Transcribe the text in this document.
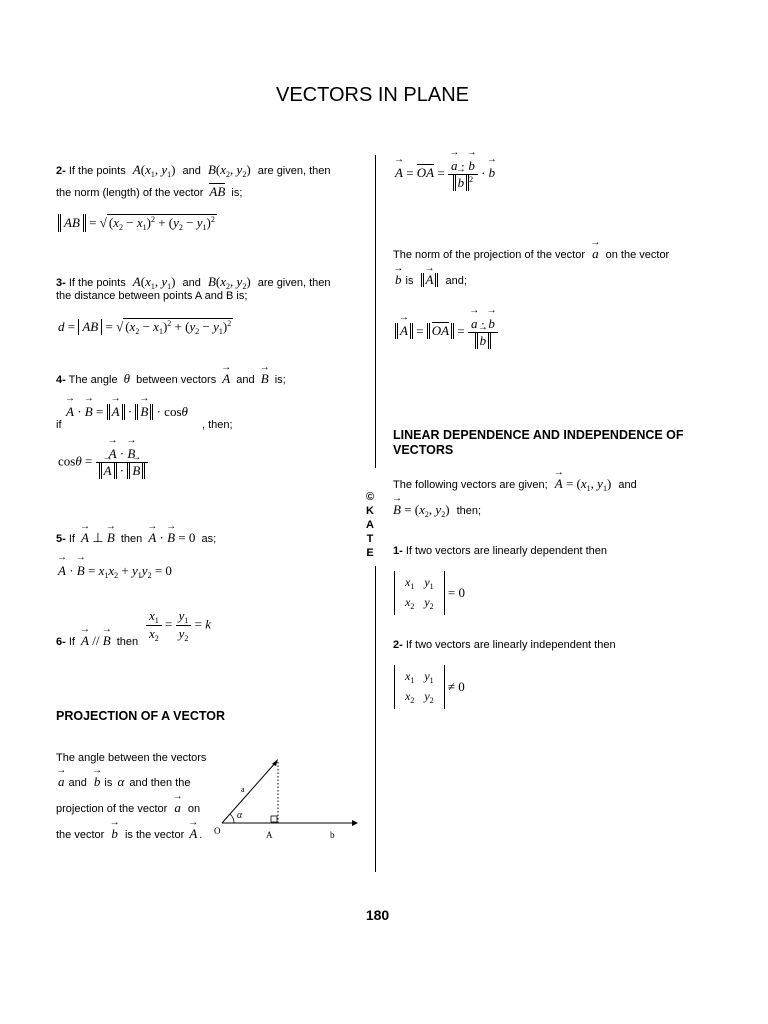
VECTORS IN PLANE
©
K
A
T
E
2- If the points $A(x_1$, $y_1$) and $B(x_2$, $y_2$) are given, then
the norm (length) of the vector AB is;
AB = √ $(x_2 - x_1)^2 + (y_2 - y_1)^2$
3- If the points $A(x_1$, $y_1$) and $B(x_2$, $y_2$) are given, then
the distance between points A and B is;
d = AB = √ $(x_2 - x_1)^2 + (y_2 - y_1)^2$
4- The angle θ between vectors → A and → B is;
→ A · → B = → A · → B · cosθ
if	, then;
cosθ = → A · → B
→ A · → B
5- If → A ⊥ → B then → A · → B = 0 as;
→ A · → $B = x_1x_2 + y_1y_2 = 0$
$\frac{x_1}{x_2} = \frac{y_1}{y_2} = k$
6- If → A // → B then
PROJECTION OF A VECTOR
The angle between the vectors
→ a and → b is α and then the
projection of the vector → a on
the vector → b is the vector → A . O
a
α
A	b
→ A = OA = → a · → b
→ b $^2$ · → b
The norm of the projection of the vector → a on the vector
→ b is → A and;
→ A = OA = → a · → b
→ b
LINEAR DEPENDENCE AND INDEPENDENCE OF VECTORS
The following vectors are given; → $A = (x_1$, $y_1$) and
→ $B = (x_2$, $y_2$) then;
1- If two vectors are linearly dependent then
$x_1$	$y_1$
$x_2$	$y_2$
= 0
2- If two vectors are linearly independent then
$x_1$	$y_1$
$x_2$	$y_2$
≠ 0
180
